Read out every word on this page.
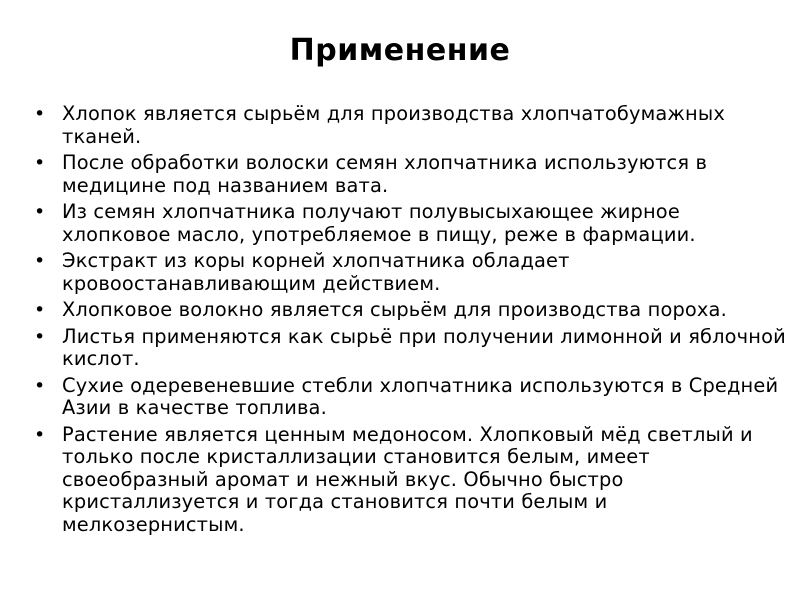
Применение
• Хлопок является сырьём для производства хлопчатобумажных тканей.
• После обработки волоски семян хлопчатника используются в медицине под названием вата.
• Из семян хлопчатника получают полувысыхающее жирное хлопковое масло, употребляемое в пищу, реже в фармации.
• Экстракт из коры корней хлопчатника обладает кровоостанавливающим действием.
• Хлопковое волокно является сырьём для производства пороха.
• Листья применяются как сырьё при получении лимонной и яблочной кислот.
• Сухие одеревеневшие стебли хлопчатника используются в Средней Азии в качестве топлива.
• Растение является ценным медоносом. Хлопковый мёд светлый и только после кристаллизации становится белым, имеет своеобразный аромат и нежный вкус. Обычно быстро кристаллизуется и тогда становится почти белым и мелкозернистым.
